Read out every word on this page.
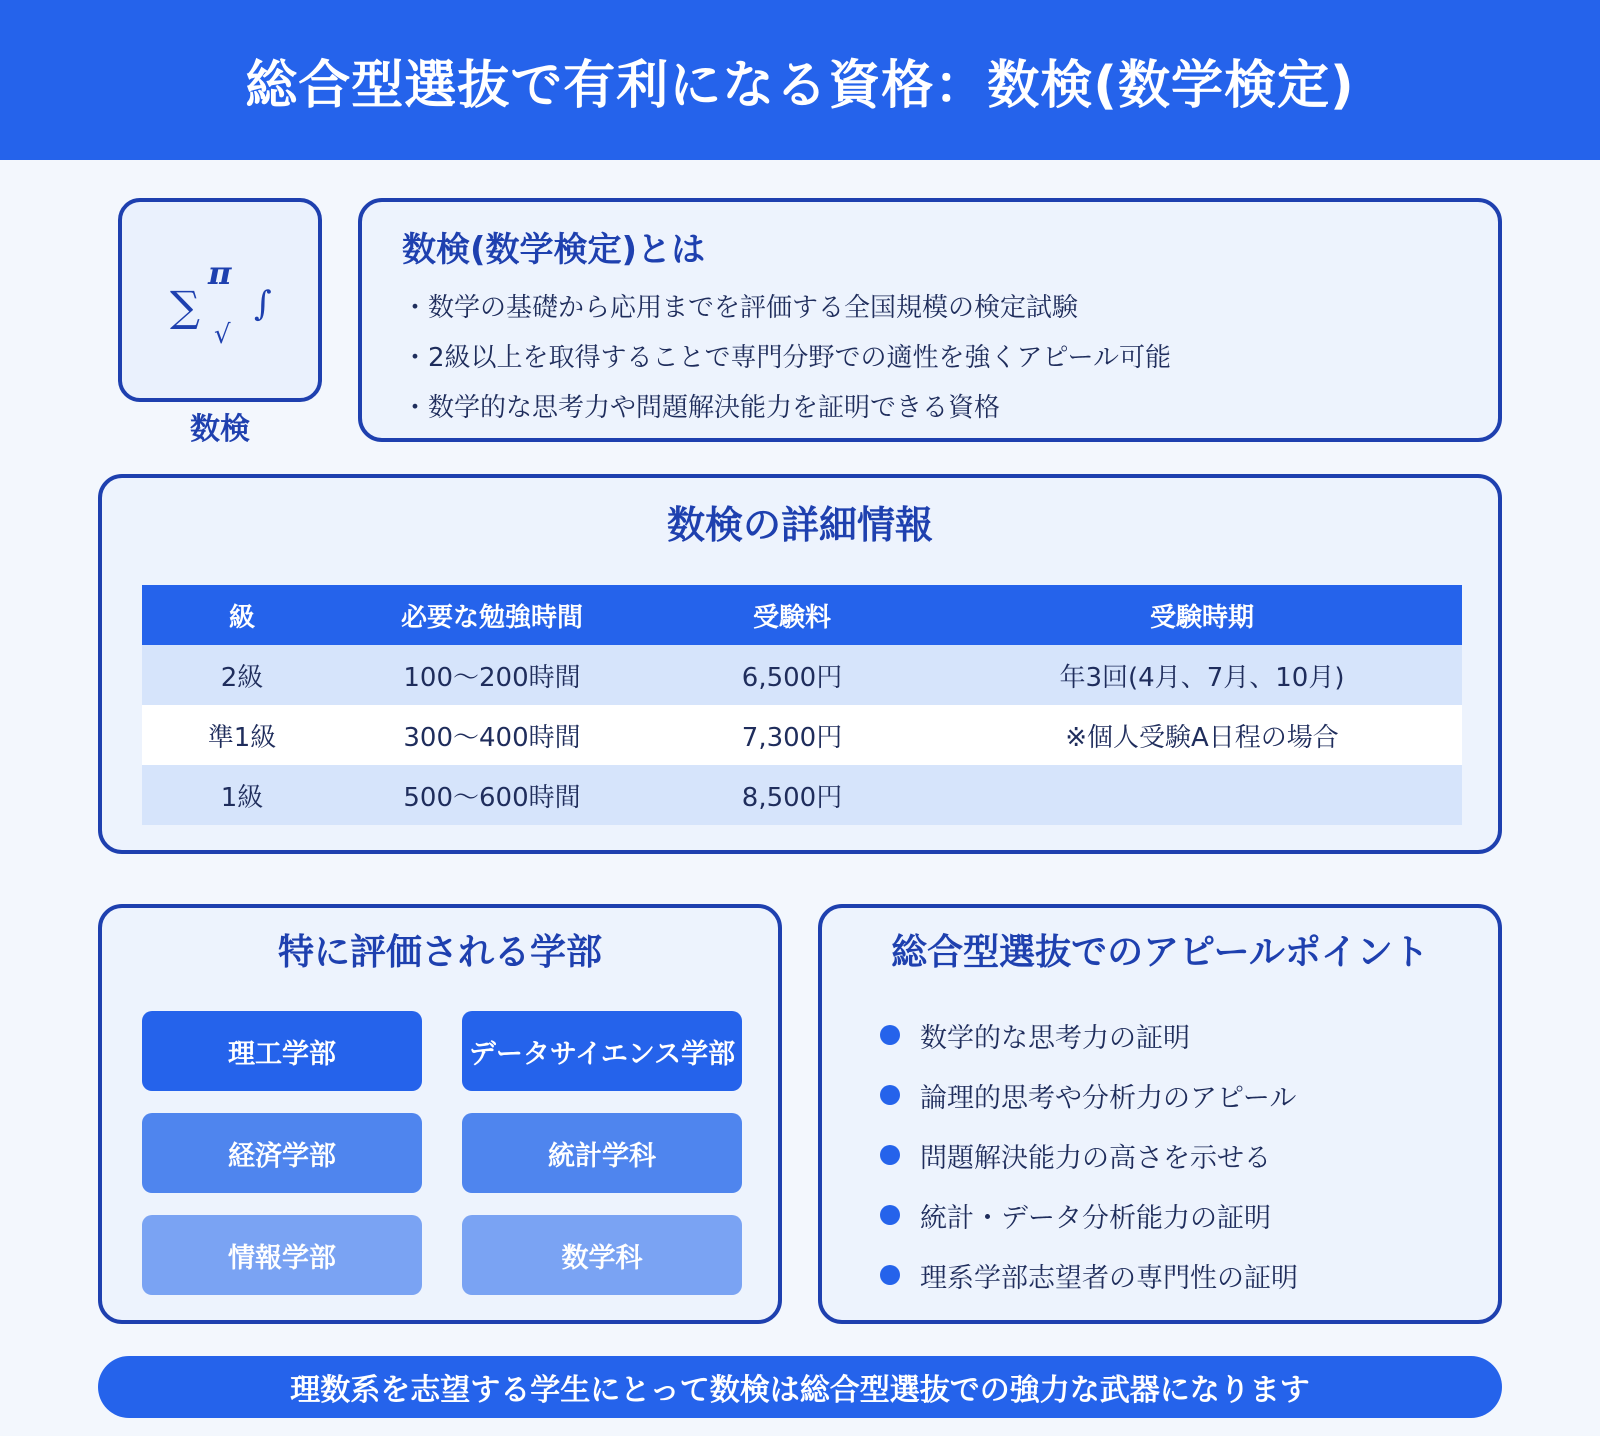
総合型選抜で有利になる資格：数検(数学検定)
∑
π
√
∫
数検
数検(数学検定)とは
・ 数学の基礎から応用までを評価する全国規模の検定試験
・ 2級以上を取得することで専門分野での適性を強くアピール可能
・ 数学的な思考力や問題解決能力を証明できる資格
数検の詳細情報
級	必要な勉強時間	受験料	受験時期
2級	100〜200時間	6,500円	年3回(4月、7月、10月)
準1級	300〜400時間	7,300円	※個人受験A日程の場合
1級	500〜600時間	8,500円	
特に評価される学部
理工学部	データサイエンス学部
経済学部	統計学科
情報学部	数学科
総合型選抜でのアピールポイント
数学的な思考力の証明
論理的思考や分析力のアピール
問題解決能力の高さを示せる
統計・データ分析能力の証明
理系学部志望者の専門性の証明
理数系を志望する学生にとって数検は総合型選抜での強力な武器になります
